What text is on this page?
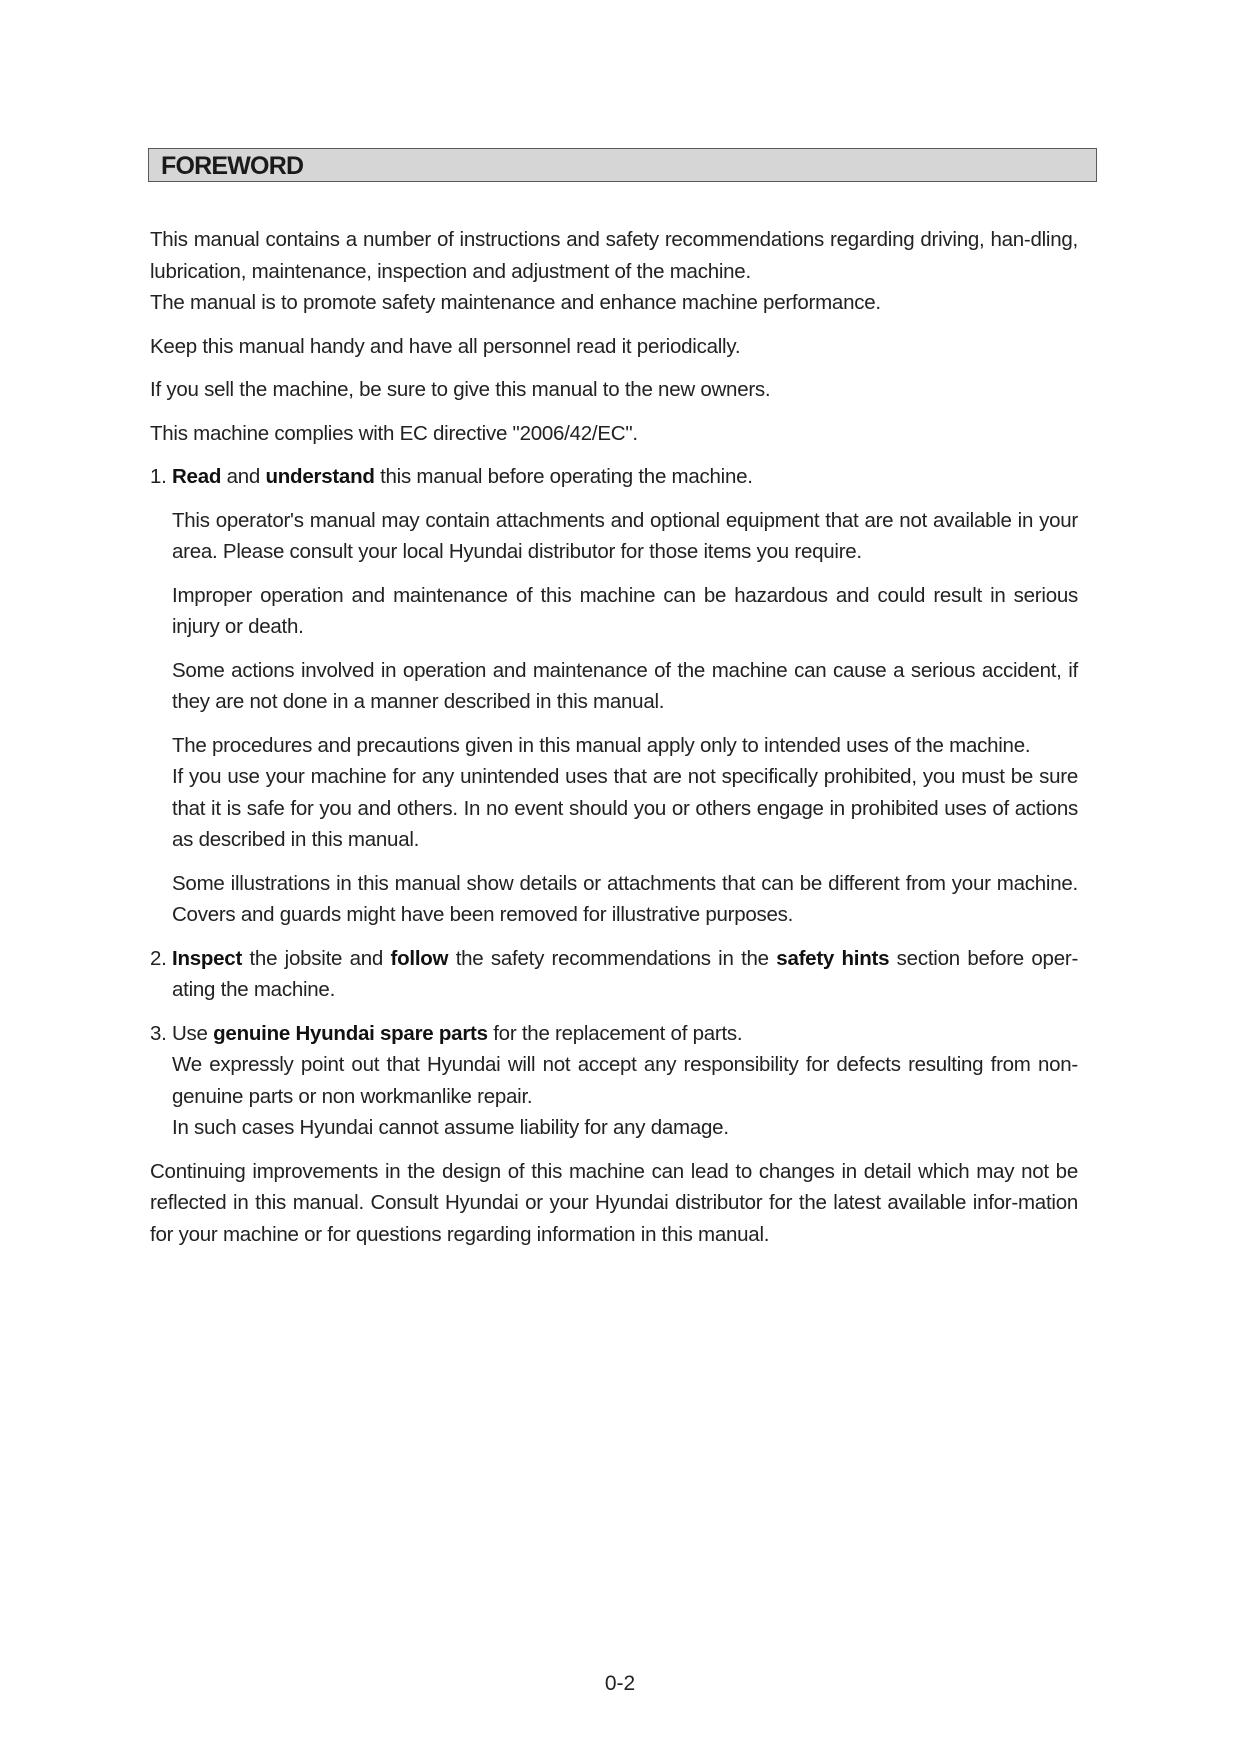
FOREWORD

This manual contains a number of instructions and safety recommendations regarding driving, han-dling, lubrication, maintenance, inspection and adjustment of the machine.

The manual is to promote safety maintenance and enhance machine performance.

Keep this manual handy and have all personnel read it periodically.

If you sell the machine, be sure to give this manual to the new owners.

This machine complies with EC directive "2006/42/EC".

1. Read and understand this manual before operating the machine.

This operator's manual may contain attachments and optional equipment that are not available in your area. Please consult your local Hyundai distributor for those items you require.

Improper operation and maintenance of this machine can be hazardous and could result in serious injury or death.

Some actions involved in operation and maintenance of the machine can cause a serious accident, if they are not done in a manner described in this manual.

The procedures and precautions given in this manual apply only to intended uses of the machine.

If you use your machine for any unintended uses that are not specifically prohibited, you must be sure that it is safe for you and others. In no event should you or others engage in prohibited uses of actions as described in this manual.

Some illustrations in this manual show details or attachments that can be different from your machine. Covers and guards might have been removed for illustrative purposes.

2. Inspect the jobsite and follow the safety recommendations in the safety hints section before oper-ating the machine.
3. Use genuine Hyundai spare parts for the replacement of parts.
We expressly point out that Hyundai will not accept any responsibility for defects resulting from non-genuine parts or non workmanlike repair.
In such cases Hyundai cannot assume liability for any damage.

Continuing improvements in the design of this machine can lead to changes in detail which may not be reflected in this manual. Consult Hyundai or your Hyundai distributor for the latest available infor-mation for your machine or for questions regarding information in this manual.

0-2
